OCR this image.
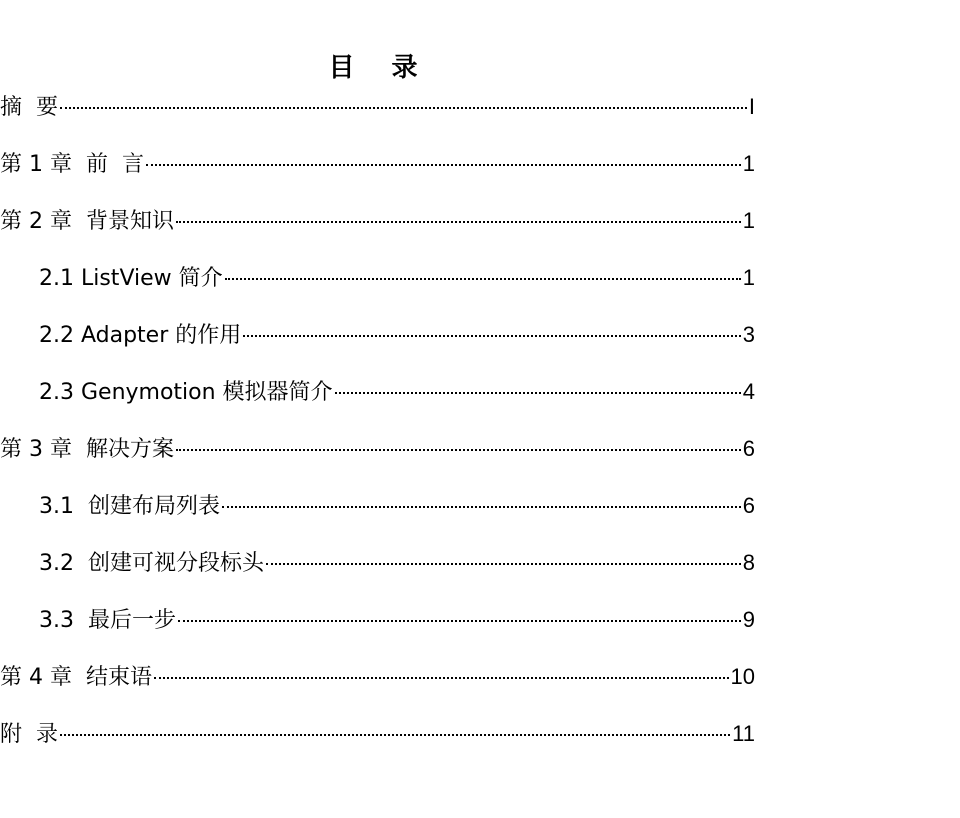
目 录
摘  要	I
第 1 章  前  言	1
第 2 章  背景知识	1
2.1 ListView 简介	1
2.2 Adapter 的作用	3
2.3 Genymotion 模拟器简介	4
第 3 章  解决方案	6
3.1  创建布局列表	6
3.2  创建可视分段标头	8
3.3  最后一步	9
第 4 章  结束语	10
附  录	11
